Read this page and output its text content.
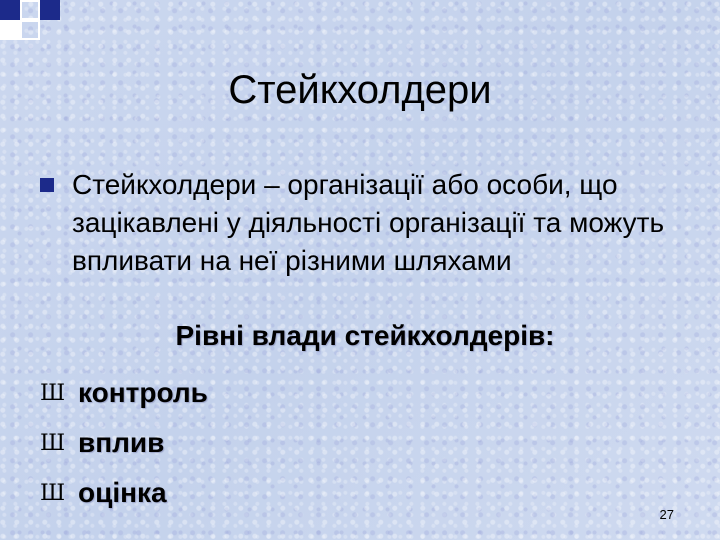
Стейкхолдери
Стейкхолдери – організації або особи, що зацікавлені у діяльності організації та можуть впливати на неї різними шляхами
Рівні влади стейкхолдерів:
Ш контроль
Ш вплив
Ш оцінка
27
